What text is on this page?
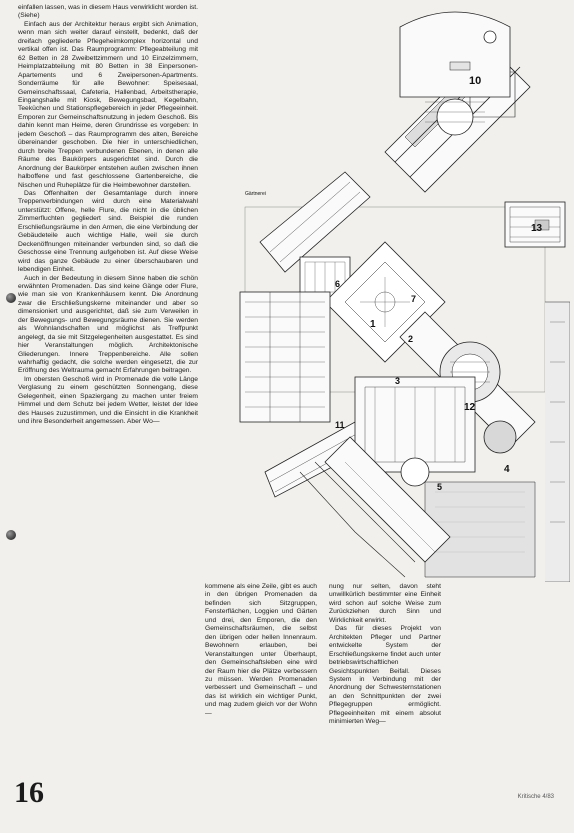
einfallen lassen, was in diesem Haus verwirklicht worden ist. (Siehe)

Einfach aus der Architektur heraus ergibt sich Animation, wenn man sich weiter darauf einstellt, bedenkt, daß der dreifach gegliederte Pflegeheimkomplex horizontal und vertikal offen ist. Das Raumprogramm: Pflegeabteilung mit 62 Betten in 28 Zweibettzimmern und 10 Einzelzimmern, Heimplatzabteilung mit 80 Betten in 38 Einpersonen-Apartements und 6 Zweipersonen-Apartments. Sonderräume für alle Bewohner: Speisesaal, Gemeinschaftssaal, Cafeteria, Hallenbad, Arbeitstherapie, Eingangshalle mit Kiosk, Bewegungsbad, Kegelbahn, Teeküchen und Stationspflegebereich in jeder Pflegeeinheit. Emporen zur Gemeinschaftsnutzung in jedem Geschoß. Bis dahin kennt man Heime, deren Grundrisse es vorgeben: In jedem Geschoß – das Raumprogramm des alten, Bereiche übereinander geschoben. Die hier in unterschiedlichen, durch breite Treppen verbundenen Ebenen, in denen alle Räume des Baukörpers ausgerichtet sind. Durch die Anordnung der Baukörper entstehen außen zwischen ihnen halboffene und fast geschlossene Gartenbereiche, die Nischen und Ruheplätze für die Heimbewohner darstellen.

Das Offenhalten der Gesamtanlage durch innere Treppenverbindungen wird durch eine Materialwahl unterstützt: Offene, helle Flure, die nicht in die üblichen Zimmerfluchten gegliedert sind. Beispiel die runden Erschließungsräume in den Armen, die eine Verbindung der Gebäudeteile auch wichtige Halle, weil sie durch Deckenöffnungen miteinander verbunden sind, so daß die Geschosse eine Trennung aufgehoben ist. Auf diese Weise wird das ganze Gebäude zu einer überschaubaren und lebendigen Einheit.

Auch in der Bedeutung in diesem Sinne haben die schön erwähnten Promenaden. Das sind keine Gänge oder Flure, wie man sie von Krankenhäusern kennt. Die Anordnung zwar die Erschließungskerne miteinander und aber so dimensioniert und ausgerichtet, daß sie zum Verweilen in der Bewegungs- und Bewegungsräume dienen. Sie werden als Wohnlandschaften und möglichst als Treffpunkt angelegt, da sie mit Sitzgelegenheiten ausgestattet. Es sind hier Veranstaltungen möglich. Architektonische Gliederungen. Innere Treppenbereiche. Alle sollen wahrhaftig gedacht, die solche werden eingesetzt, die zur Eröffnung des Weltrauma gemacht Erfahrungen beitragen.

Im obersten Geschoß wird in Promenade die volle Länge Verglasung zu einem geschützten Sonnengang, diese Gelegenheit, einen Spaziergang zu machen unter freiem Himmel und dem Schutz bei jedem Wetter, leistet der Idee des Hauses zuzustimmen, und die Einsicht in die Krankheit und ihre Besonderheit angemessen. Aber Wo—

10
13
6
7
1
2
3
12
4
11
5
Gärtnerei

kommene als eine Zeile, gibt es auch in den übrigen Promenaden da befinden sich Sitzgruppen, Fensterflächen, Loggien und Gärten und drei, den Emporen, die den Gemeinschaftsräumen, die selbst den übrigen oder hellen Innenraum. Bewohnern erlauben, bei Veranstaltungen unter Überhaupt, den Gemeinschaftsleben eine wird der Raum hier die Plätze verbessern zu müssen. Werden Promenaden verbessert und Gemeinschaft – und das ist wirklich ein wichtiger Punkt, und mag zudem gleich vor der Wohn—

nung nur selten, davon steht unwillkürlich bestimmter eine Einheit wird schon auf solche Weise zum Zurückziehen durch Sinn und Wirklichkeit erwirkt.

Das für dieses Projekt von Architekten Pfleger und Partner entwickelte System der Erschließungskerne findet auch unter betriebswirtschaftlichen Gesichtspunkten Beifall. Dieses System in Verbindung mit der Anordnung der Schwesternstationen an den Schnittpunkten der zwei Pflegegruppen ermöglicht. Pflegeeinheiten mit einem absolut minimierten Weg—

16	Kritische 4/83
